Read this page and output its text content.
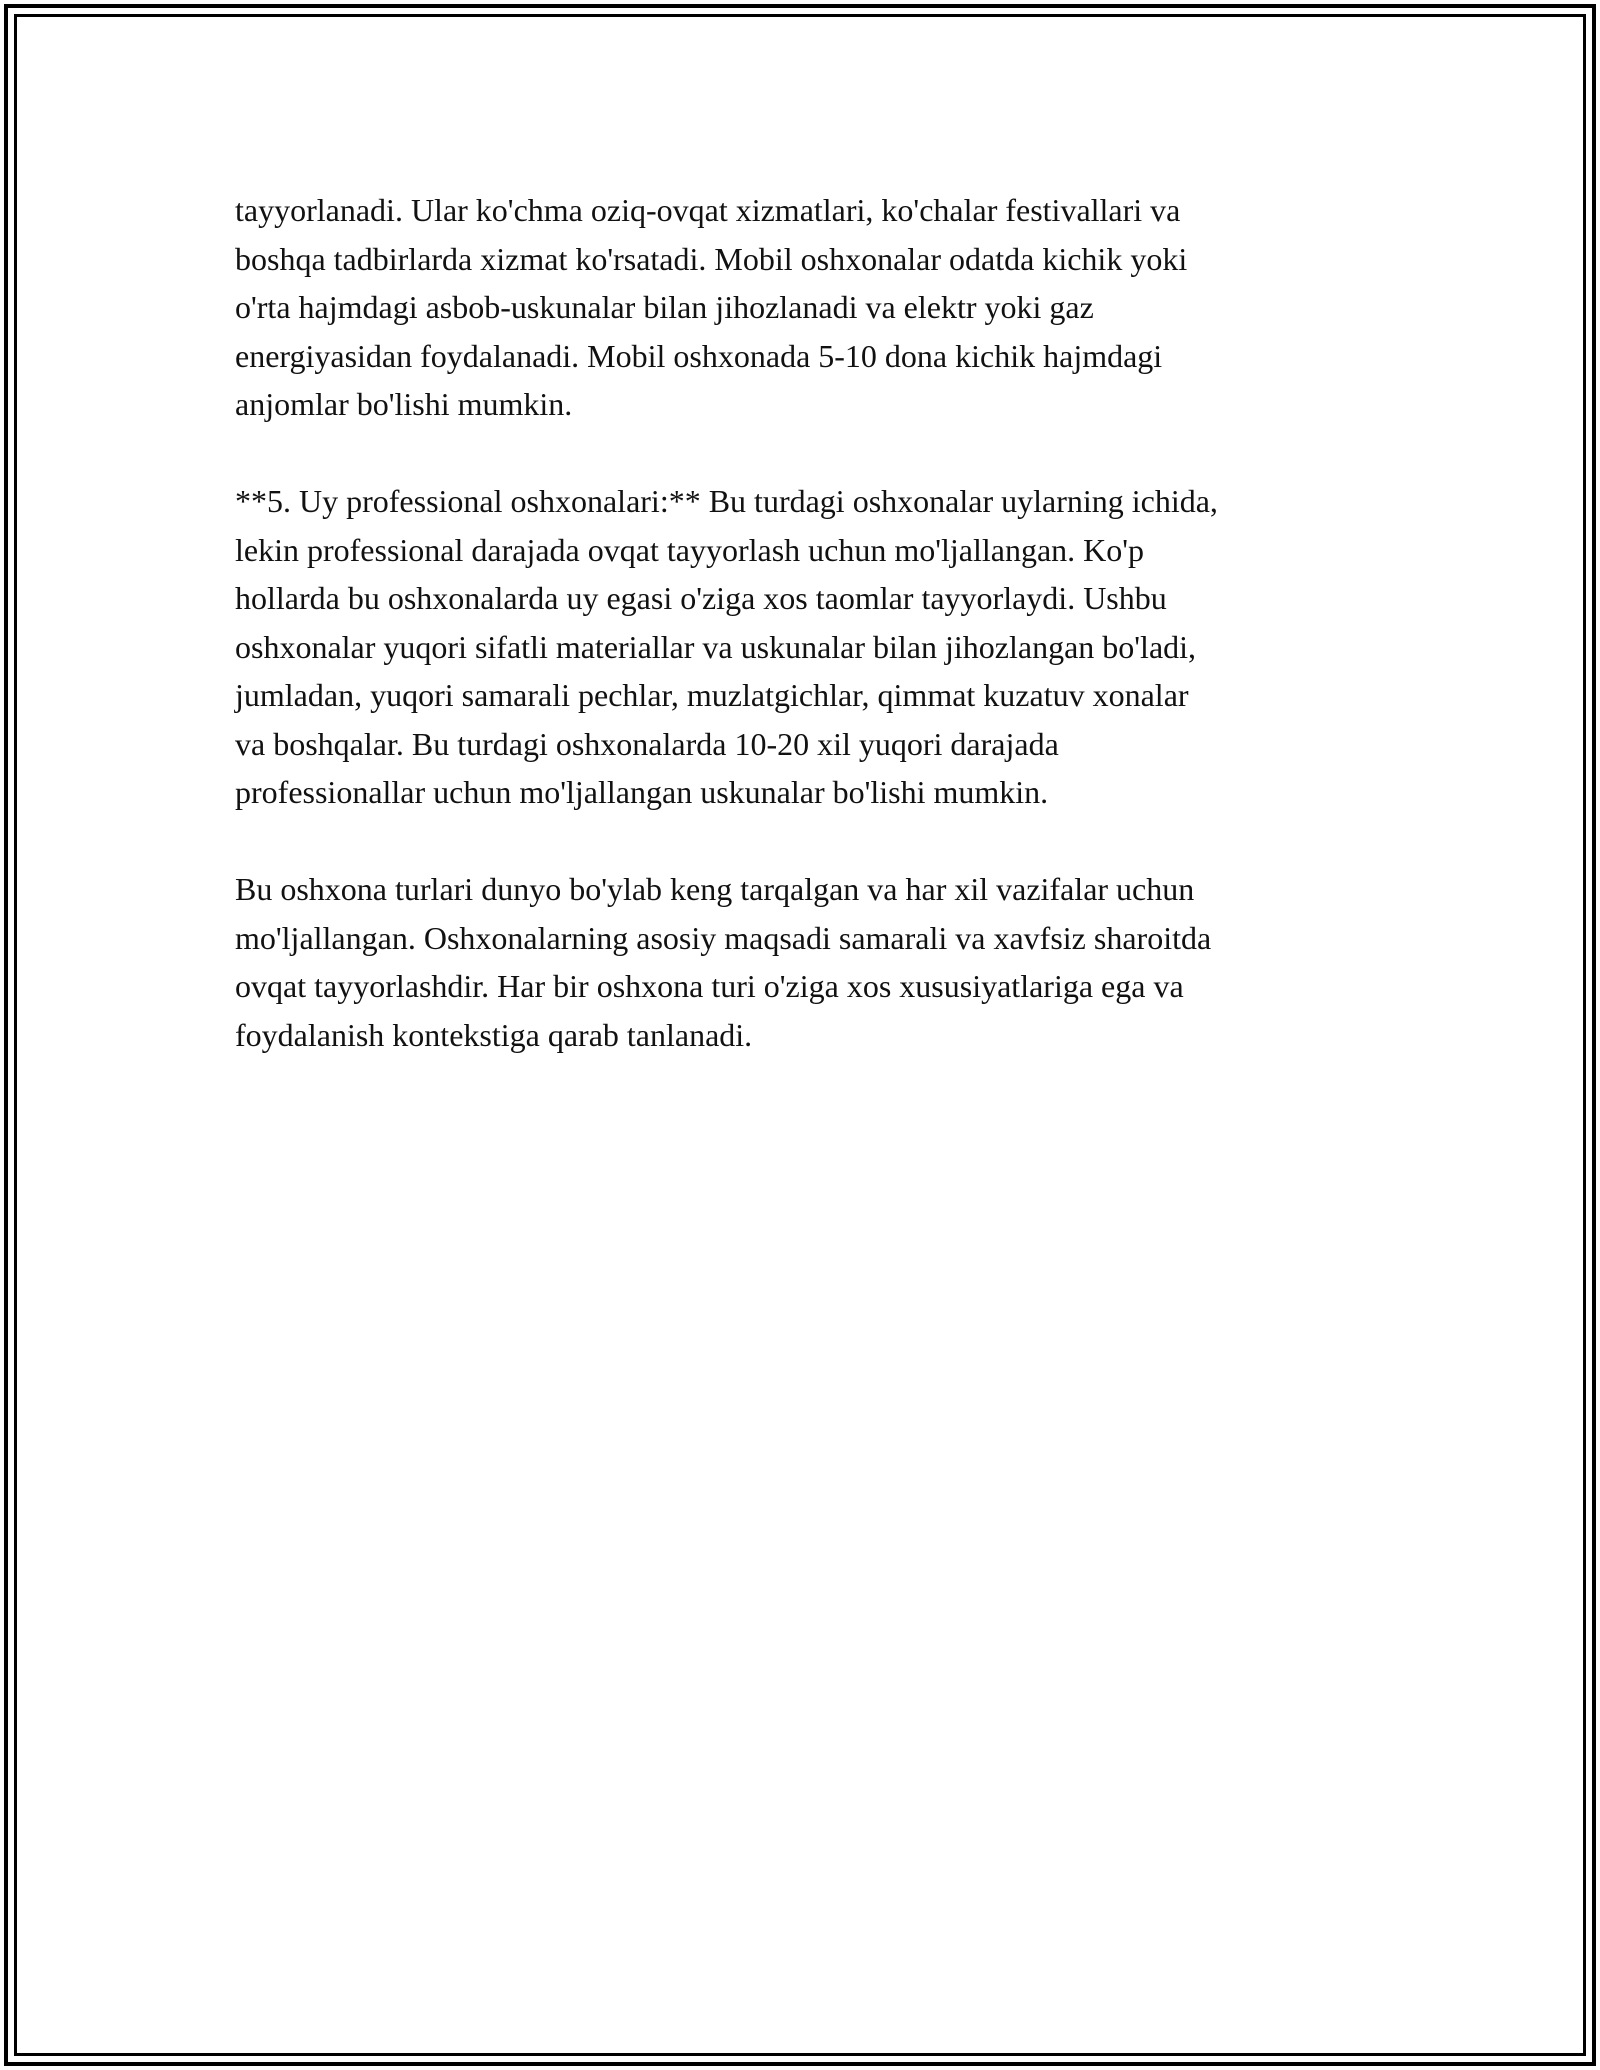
tayyorlanadi. Ular ko'chma oziq-ovqat xizmatlari, ko'chalar festivallari va
boshqa tadbirlarda xizmat ko'rsatadi. Mobil oshxonalar odatda kichik yoki
o'rta hajmdagi asbob-uskunalar bilan jihozlanadi va elektr yoki gaz
energiyasidan foydalanadi. Mobil oshxonada 5-10 dona kichik hajmdagi
anjomlar bo'lishi mumkin.

**5. Uy professional oshxonalari:** Bu turdagi oshxonalar uylarning ichida,
lekin professional darajada ovqat tayyorlash uchun mo'ljallangan. Ko'p
hollarda bu oshxonalarda uy egasi o'ziga xos taomlar tayyorlaydi. Ushbu
oshxonalar yuqori sifatli materiallar va uskunalar bilan jihozlangan bo'ladi,
jumladan, yuqori samarali pechlar, muzlatgichlar, qimmat kuzatuv xonalar
va boshqalar. Bu turdagi oshxonalarda 10-20 xil yuqori darajada
professionallar uchun mo'ljallangan uskunalar bo'lishi mumkin.

Bu oshxona turlari dunyo bo'ylab keng tarqalgan va har xil vazifalar uchun
mo'ljallangan. Oshxonalarning asosiy maqsadi samarali va xavfsiz sharoitda
ovqat tayyorlashdir. Har bir oshxona turi o'ziga xos xususiyatlariga ega va
foydalanish kontekstiga qarab tanlanadi.
